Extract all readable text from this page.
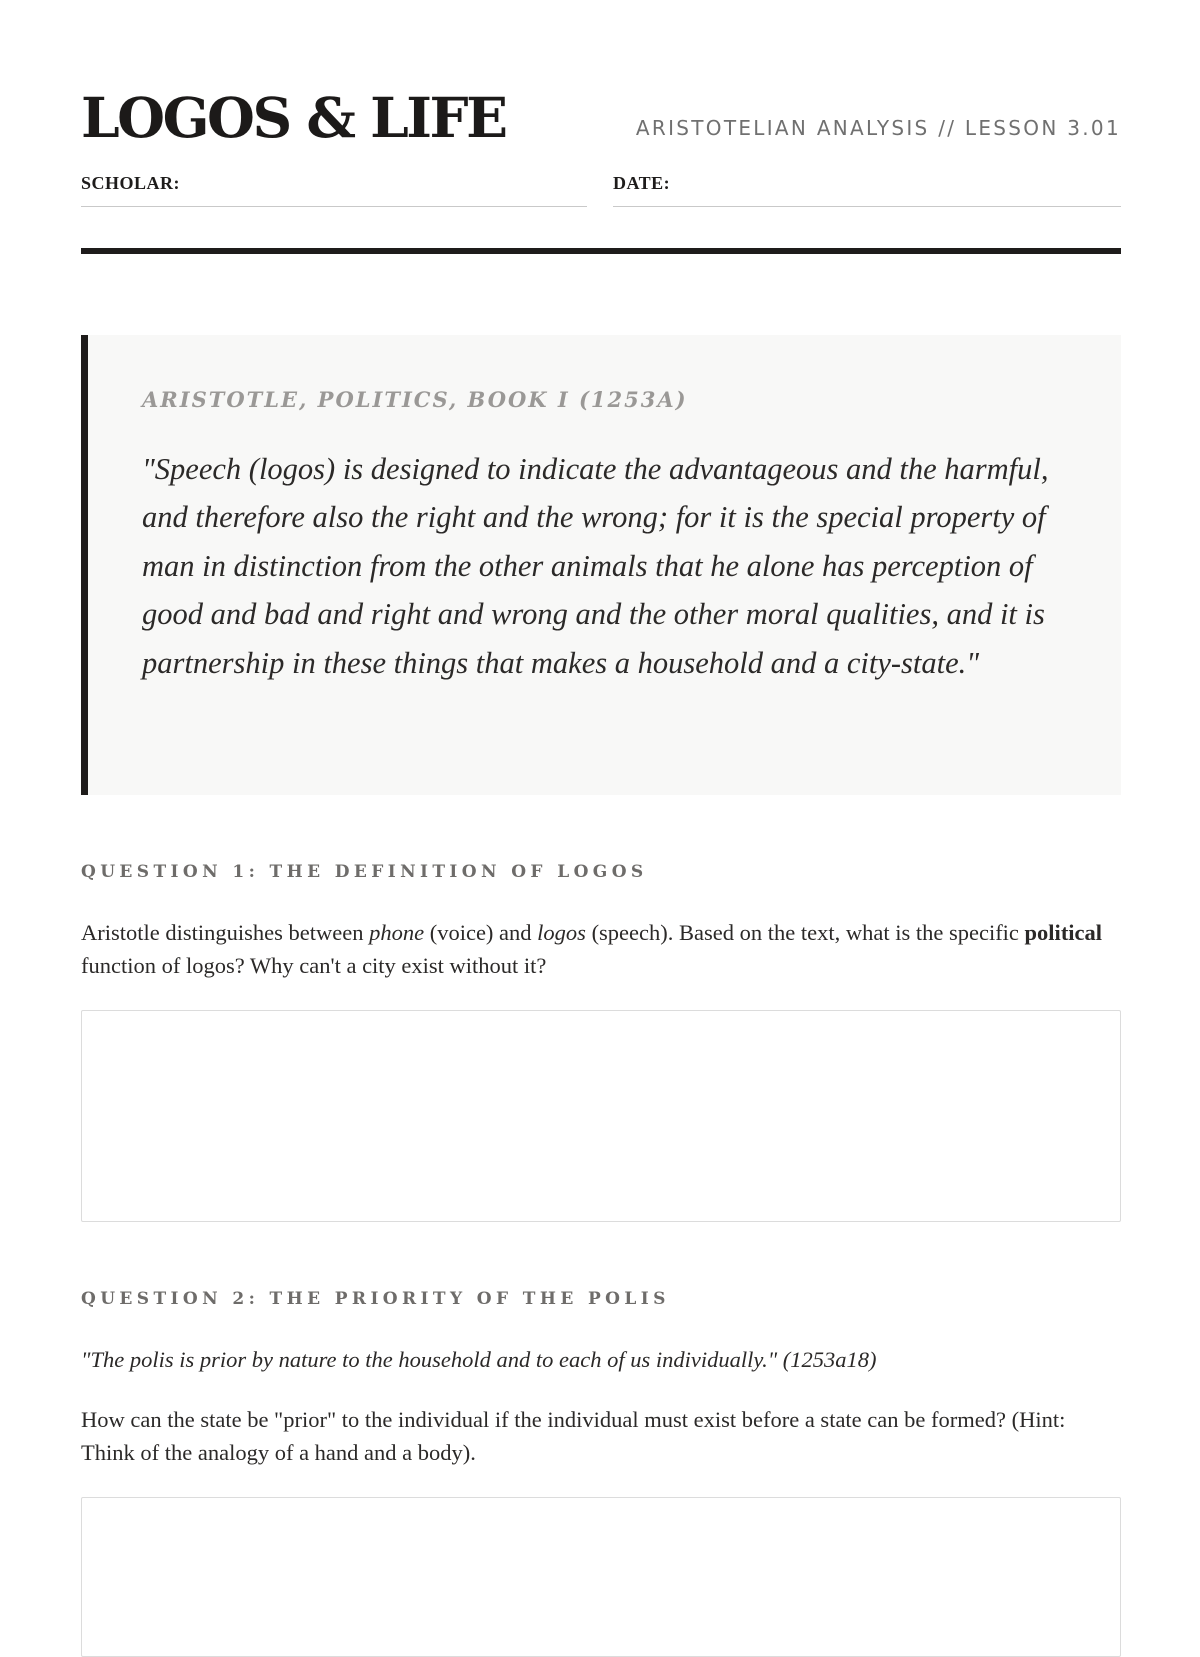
LOGOS & LIFE	ARISTOTELIAN ANALYSIS // LESSON 3.01
SCHOLAR:	DATE:
ARISTOTLE, POLITICS, BOOK I (1253A)

"Speech (logos) is designed to indicate the advantageous and the harmful, and therefore also the right and the wrong; for it is the special property of man in distinction from the other animals that he alone has perception of good and bad and right and wrong and the other moral qualities, and it is partnership in these things that makes a household and a city-state."

QUESTION 1: THE DEFINITION OF LOGOS

Aristotle distinguishes between phone (voice) and logos (speech). Based on the text, what is the specific political function of logos? Why can't a city exist without it?

QUESTION 2: THE PRIORITY OF THE POLIS

"The polis is prior by nature to the household and to each of us individually." (1253a18)

How can the state be "prior" to the individual if the individual must exist before a state can be formed? (Hint: Think of the analogy of a hand and a body).
